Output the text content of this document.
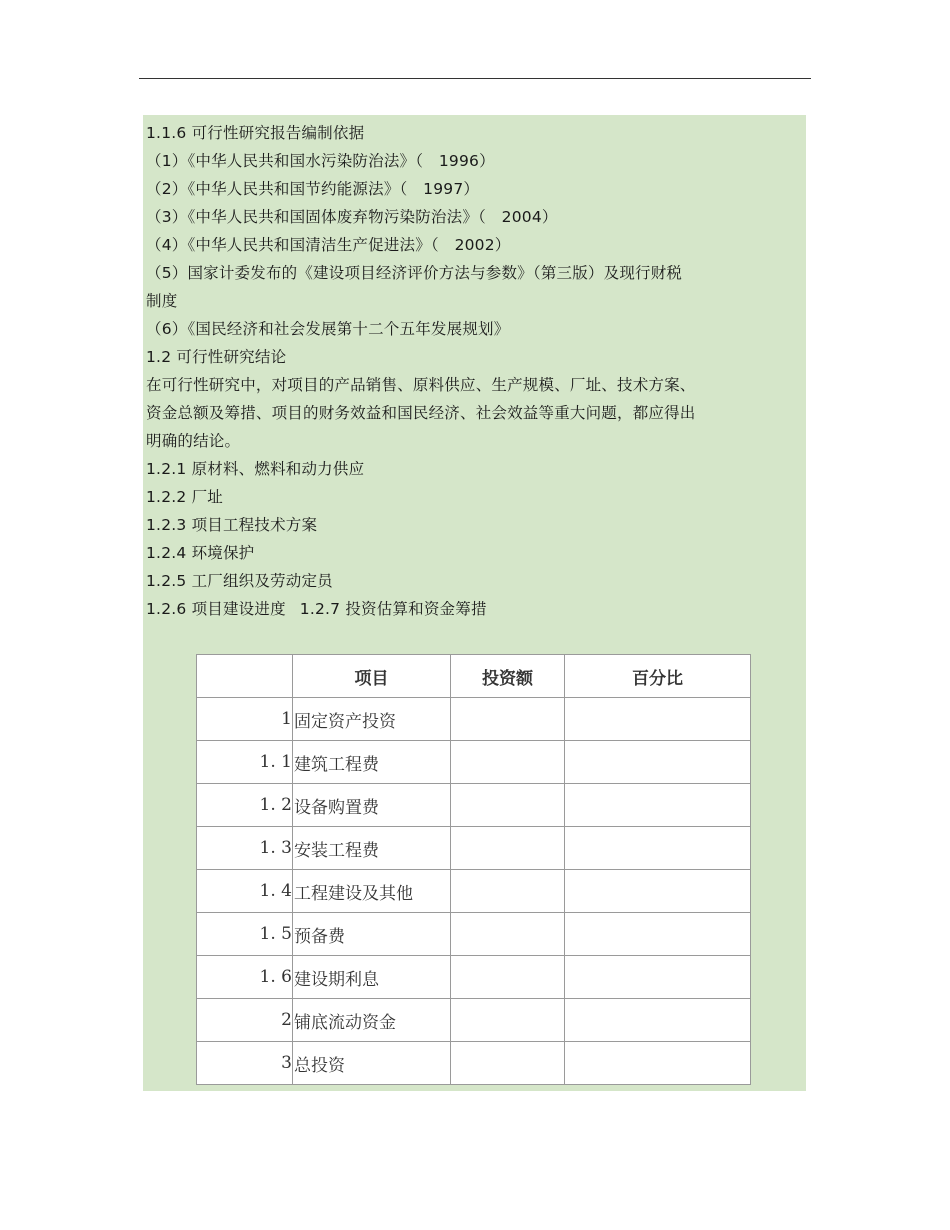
1.1.6 可行性研究报告编制依据
（1）《中华人民共和国水污染防治法》（　1996）
（2）《中华人民共和国节约能源法》（　1997）
（3）《中华人民共和国固体废弃物污染防治法》（　2004）
（4）《中华人民共和国清洁生产促进法》（　2002）
（5）国家计委发布的《建设项目经济评价方法与参数》（第三版）及现行财税
制度
（6）《国民经济和社会发展第十二个五年发展规划》
1.2 可行性研究结论
在可行性研究中，对项目的产品销售、原料供应、生产规模、厂址、技术方案、
资金总额及筹措、项目的财务效益和国民经济、社会效益等重大问题，都应得出
明确的结论。
1.2.1 原材料、燃料和动力供应
1.2.2 厂址
1.2.3 项目工程技术方案
1.2.4 环境保护
1.2.5 工厂组织及劳动定员
1.2.6 项目建设进度 1.2.7 投资估算和资金筹措
	项目	投资额	百分比
1	固定资产投资		
1. 1	建筑工程费		
1. 2	设备购置费		
1. 3	安装工程费		
1. 4	工程建设及其他		
1. 5	预备费		
1. 6	建设期利息		
2	铺底流动资金		
3	总投资		
